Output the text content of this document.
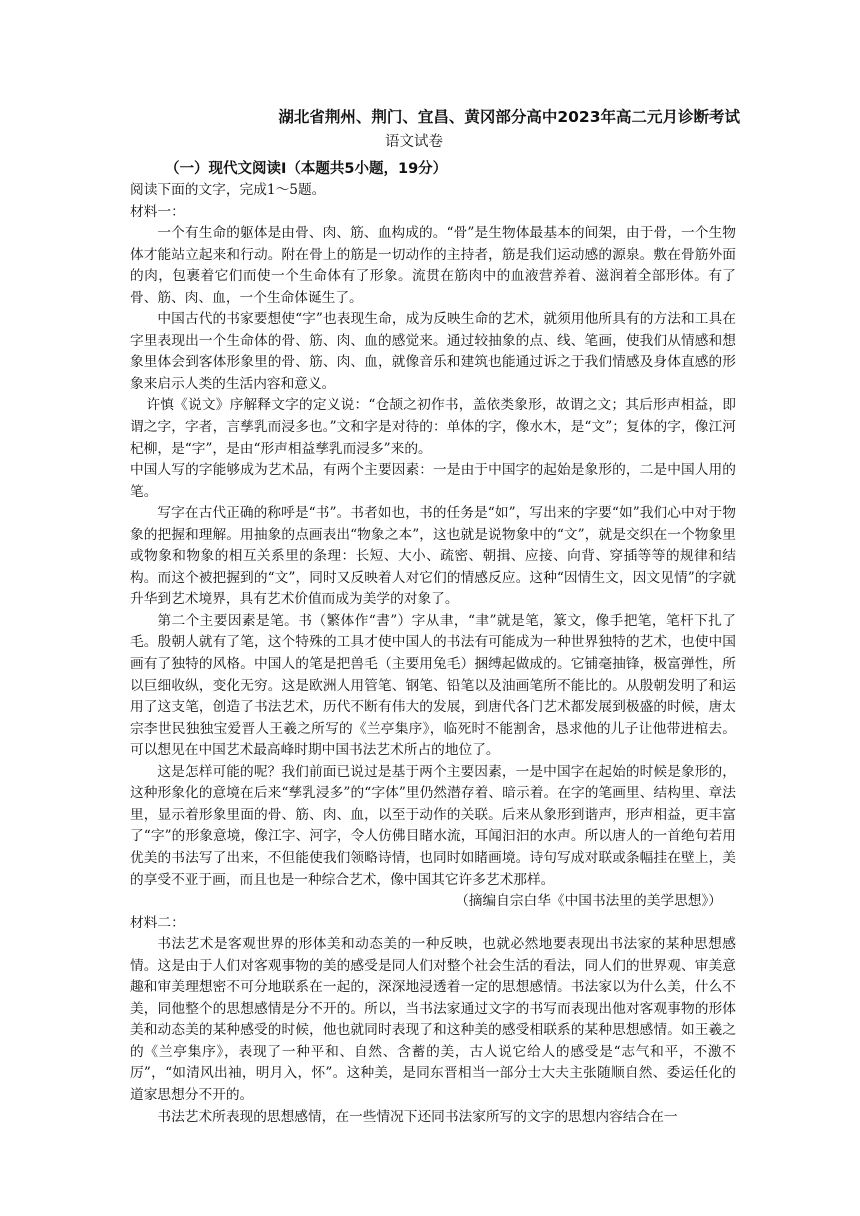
湖北省荆州、荆门、宜昌、黄冈部分高中2023年高二元月诊断考试
语文试卷
（一）现代文阅读Ⅰ（本题共5小题，19分）

阅读下面的文字，完成1～5题。

材料一：

一个有生命的躯体是由骨、肉、筋、血构成的。“骨”是生物体最基本的间架，由于骨，一个生物体才能站立起来和行动。附在骨上的筋是一切动作的主持者，筋是我们运动感的源泉。敷在骨筋外面的肉，包裹着它们而使一个生命体有了形象。流贯在筋肉中的血液营养着、滋润着全部形体。有了骨、筋、肉、血，一个生命体诞生了。

中国古代的书家要想使“字”也表现生命，成为反映生命的艺术，就须用他所具有的方法和工具在字里表现出一个生命体的骨、筋、肉、血的感觉来。通过较抽象的点、线、笔画，使我们从情感和想象里体会到客体形象里的骨、筋、肉、血，就像音乐和建筑也能通过诉之于我们情感及身体直感的形象来启示人类的生活内容和意义。

许慎《说文》序解释文字的定义说：“仓颉之初作书，盖依类象形，故谓之文；其后形声相益，即谓之字，字者，言孳乳而浸多也。”文和字是对待的：单体的字，像水木，是“文”；复体的字，像江河杞柳，是“字”，是由“形声相益孳乳而浸多”来的。

中国人写的字能够成为艺术品，有两个主要因素：一是由于中国字的起始是象形的，二是中国人用的笔。

写字在古代正确的称呼是“书”。书者如也，书的任务是“如”，写出来的字要“如”我们心中对于物象的把握和理解。用抽象的点画表出“物象之本”，这也就是说物象中的“文”，就是交织在一个物象里或物象和物象的相互关系里的条理：长短、大小、疏密、朝揖、应接、向背、穿插等等的规律和结构。而这个被把握到的“文”，同时又反映着人对它们的情感反应。这种“因情生文，因文见情”的字就升华到艺术境界，具有艺术价值而成为美学的对象了。

第二个主要因素是笔。书（繁体作“書”）字从聿，“聿”就是笔，篆文，像手把笔，笔杆下扎了毛。殷朝人就有了笔，这个特殊的工具才使中国人的书法有可能成为一种世界独特的艺术，也使中国画有了独特的风格。中国人的笔是把兽毛（主要用兔毛）捆缚起做成的。它铺毫抽锋，极富弹性，所以巨细收纵，变化无穷。这是欧洲人用管笔、钢笔、铅笔以及油画笔所不能比的。从殷朝发明了和运用了这支笔，创造了书法艺术，历代不断有伟大的发展，到唐代各门艺术都发展到极盛的时候，唐太宗李世民独独宝爱晋人王羲之所写的《兰亭集序》，临死时不能割舍，恳求他的儿子让他带进棺去。可以想见在中国艺术最高峰时期中国书法艺术所占的地位了。

这是怎样可能的呢？我们前面已说过是基于两个主要因素，一是中国字在起始的时候是象形的，这种形象化的意境在后来“孳乳浸多”的“字体”里仍然潜存着、暗示着。在字的笔画里、结构里、章法里，显示着形象里面的骨、筋、肉、血，以至于动作的关联。后来从象形到谐声，形声相益，更丰富了“字”的形象意境，像江字、河字，令人仿佛目睹水流，耳闻汩汩的水声。所以唐人的一首绝句若用优美的书法写了出来，不但能使我们领略诗情，也同时如睹画境。诗句写成对联或条幅挂在壁上，美的享受不亚于画，而且也是一种综合艺术，像中国其它许多艺术那样。

（摘编自宗白华《中国书法里的美学思想》）

材料二：

书法艺术是客观世界的形体美和动态美的一种反映，也就必然地要表现出书法家的某种思想感情。这是由于人们对客观事物的美的感受是同人们对整个社会生活的看法，同人们的世界观、审美意趣和审美理想密不可分地联系在一起的，深深地浸透着一定的思想感情。书法家以为什么美，什么不美，同他整个的思想感情是分不开的。所以，当书法家通过文字的书写而表现出他对客观事物的形体美和动态美的某种感受的时候，他也就同时表现了和这种美的感受相联系的某种思想感情。如王羲之的《兰亭集序》，表现了一种平和、自然、含蓄的美，古人说它给人的感受是“志气和平，不激不厉”，“如清风出袖，明月入，怀”。这种美，是同东晋相当一部分士大夫主张随顺自然、委运任化的道家思想分不开的。

书法艺术所表现的思想感情，在一些情况下还同书法家所写的文字的思想内容结合在一
